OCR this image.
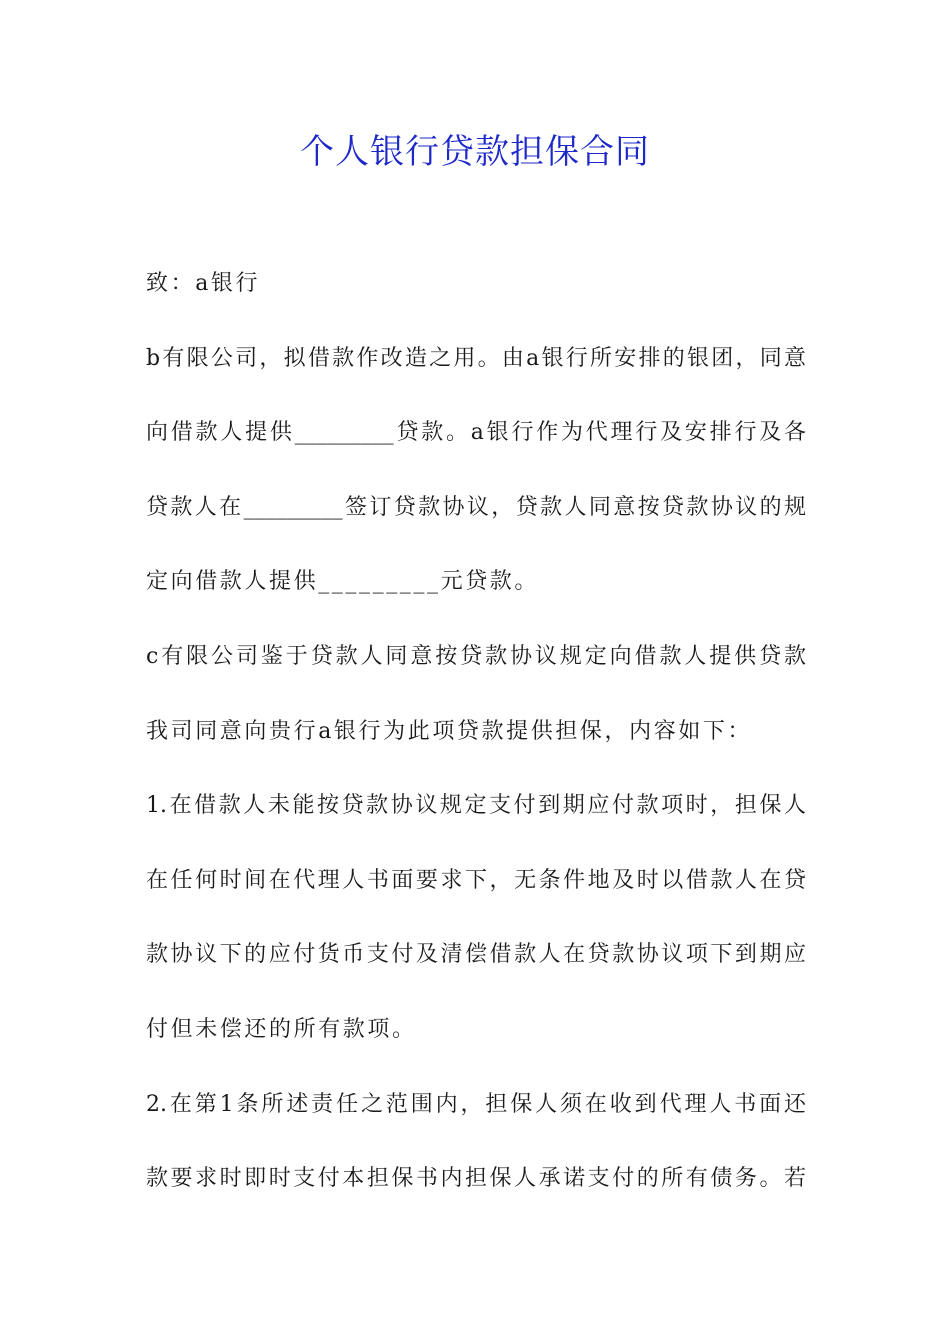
个人银行贷款担保合同
致：a银行
b有限公司，拟借款作改造之用。由a银行所安排的银团，同意
向借款人提供_________贷款。a银行作为代理行及安排行及各
贷款人在_________签订贷款协议，贷款人同意按贷款协议的规
定向借款人提供_________元贷款。
c有限公司鉴于贷款人同意按贷款协议规定向借款人提供贷款
我司同意向贵行a银行为此项贷款提供担保，内容如下：
1.在借款人未能按贷款协议规定支付到期应付款项时，担保人
在任何时间在代理人书面要求下，无条件地及时以借款人在贷
款协议下的应付货币支付及清偿借款人在贷款协议项下到期应
付但未偿还的所有款项。
2.在第1条所述责任之范围内，担保人须在收到代理人书面还
款要求时即时支付本担保书内担保人承诺支付的所有债务。若
